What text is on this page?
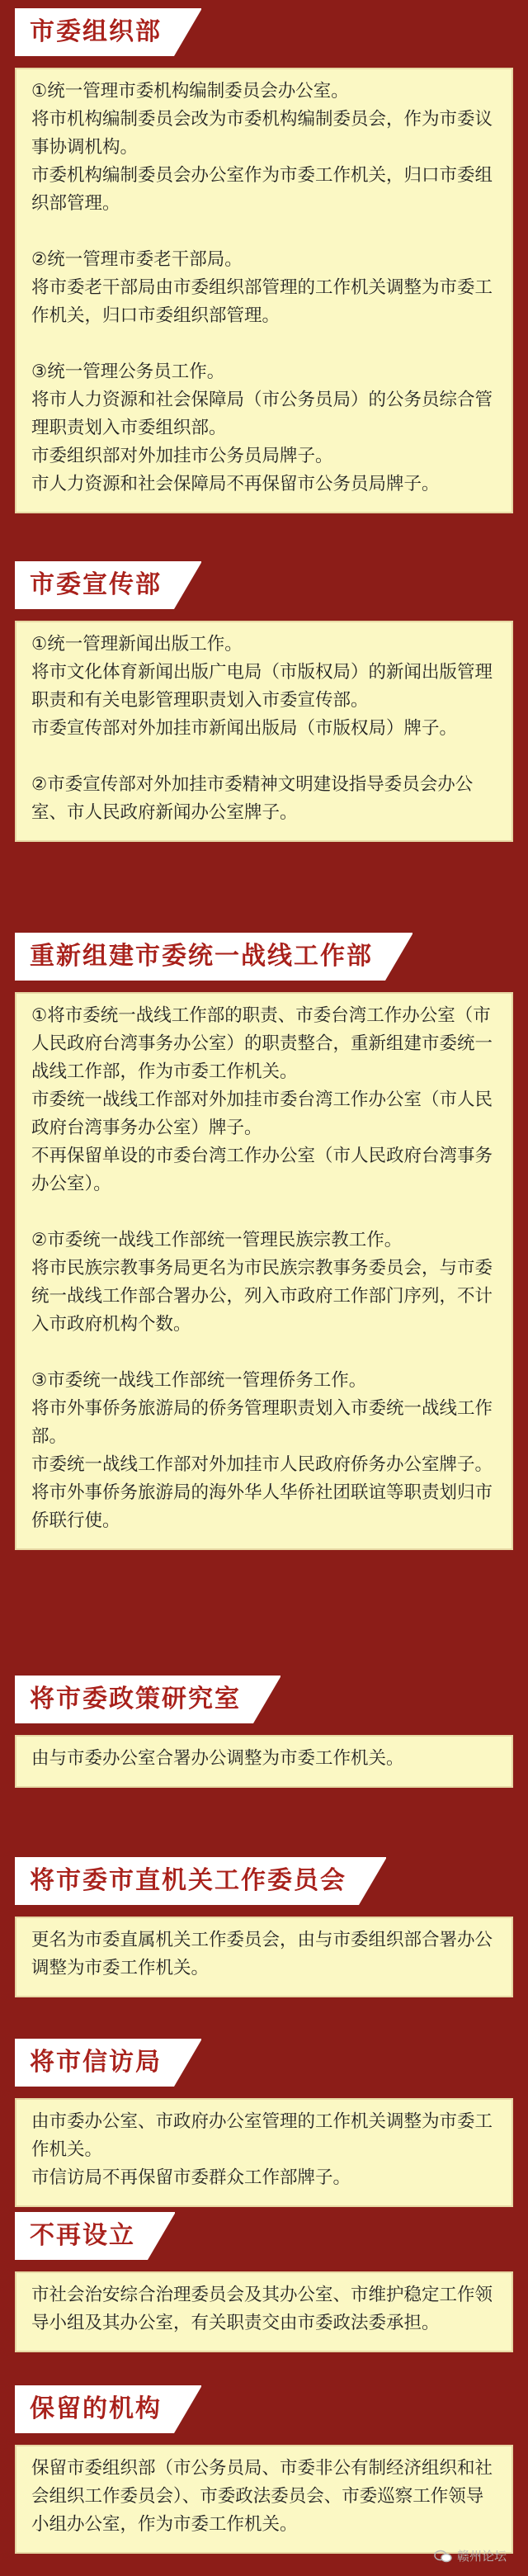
市委组织部

①统一管理市委机构编制委员会办公室。

将市机构编制委员会改为市委机构编制委员会，作为市委议事协调机构。

市委机构编制委员会办公室作为市委工作机关，归口市委组织部管理。

②统一管理市委老干部局。

将市委老干部局由市委组织部管理的工作机关调整为市委工作机关，归口市委组织部管理。

③统一管理公务员工作。

将市人力资源和社会保障局（市公务员局）的公务员综合管理职责划入市委组织部。

市委组织部对外加挂市公务员局牌子。

市人力资源和社会保障局不再保留市公务员局牌子。

市委宣传部

①统一管理新闻出版工作。

将市文化体育新闻出版广电局（市版权局）的新闻出版管理职责和有关电影管理职责划入市委宣传部。

市委宣传部对外加挂市新闻出版局（市版权局）牌子。

②市委宣传部对外加挂市委精神文明建设指导委员会办公室、市人民政府新闻办公室牌子。

重新组建市委统一战线工作部

①将市委统一战线工作部的职责、市委台湾工作办公室（市人民政府台湾事务办公室）的职责整合，重新组建市委统一战线工作部，作为市委工作机关。

市委统一战线工作部对外加挂市委台湾工作办公室（市人民政府台湾事务办公室）牌子。

不再保留单设的市委台湾工作办公室（市人民政府台湾事务办公室）。

②市委统一战线工作部统一管理民族宗教工作。

将市民族宗教事务局更名为市民族宗教事务委员会，与市委统一战线工作部合署办公，列入市政府工作部门序列，不计入市政府机构个数。

③市委统一战线工作部统一管理侨务工作。

将市外事侨务旅游局的侨务管理职责划入市委统一战线工作部。

市委统一战线工作部对外加挂市人民政府侨务办公室牌子。

将市外事侨务旅游局的海外华人华侨社团联谊等职责划归市侨联行使。

将市委政策研究室

由与市委办公室合署办公调整为市委工作机关。

将市委市直机关工作委员会

更名为市委直属机关工作委员会，由与市委组织部合署办公调整为市委工作机关。

将市信访局

由市委办公室、市政府办公室管理的工作机关调整为市委工作机关。

市信访局不再保留市委群众工作部牌子。

不再设立

市社会治安综合治理委员会及其办公室、市维护稳定工作领导小组及其办公室，有关职责交由市委政法委承担。

保留的机构

保留市委组织部（市公务员局、市委非公有制经济组织和社会组织工作委员会）、市委政法委员会、市委巡察工作领导小组办公室，作为市委工作机关。

赣州论坛
